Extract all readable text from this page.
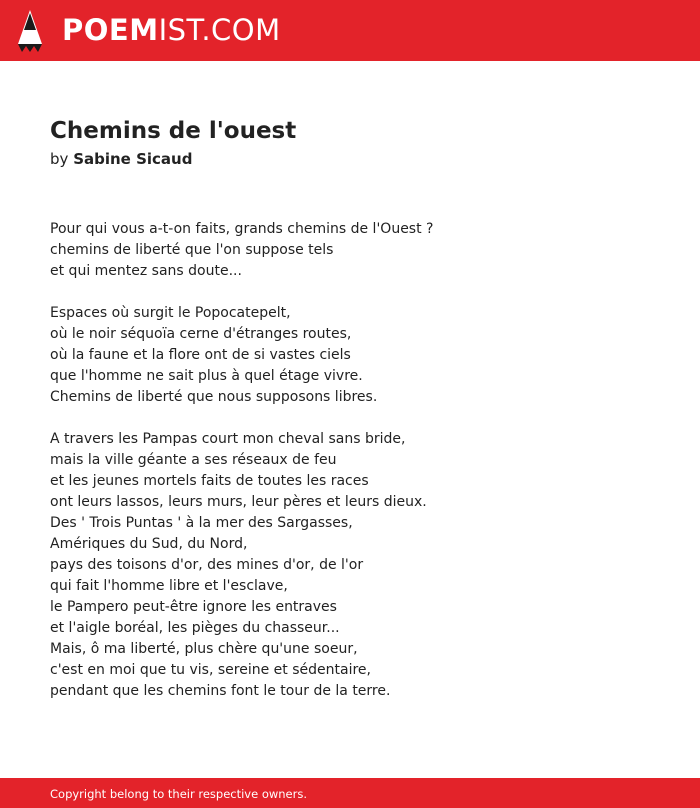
POEMIST.COM
Chemins de l'ouest
by Sabine Sicaud
Pour qui vous a-t-on faits, grands chemins de l'Ouest ?
chemins de liberté que l'on suppose tels
et qui mentez sans doute...
Espaces où surgit le Popocatepelt,
où le noir séquoïa cerne d'étranges routes,
où la faune et la flore ont de si vastes ciels
que l'homme ne sait plus à quel étage vivre.
Chemins de liberté que nous supposons libres.
A travers les Pampas court mon cheval sans bride,
mais la ville géante a ses réseaux de feu
et les jeunes mortels faits de toutes les races
ont leurs lassos, leurs murs, leur pères et leurs dieux.
Des ' Trois Puntas ' à la mer des Sargasses,
Amériques du Sud, du Nord,
pays des toisons d'or, des mines d'or, de l'or
qui fait l'homme libre et l'esclave,
le Pampero peut-être ignore les entraves
et l'aigle boréal, les pièges du chasseur...
Mais, ô ma liberté, plus chère qu'une soeur,
c'est en moi que tu vis, sereine et sédentaire,
pendant que les chemins font le tour de la terre.
Copyright belong to their respective owners.
